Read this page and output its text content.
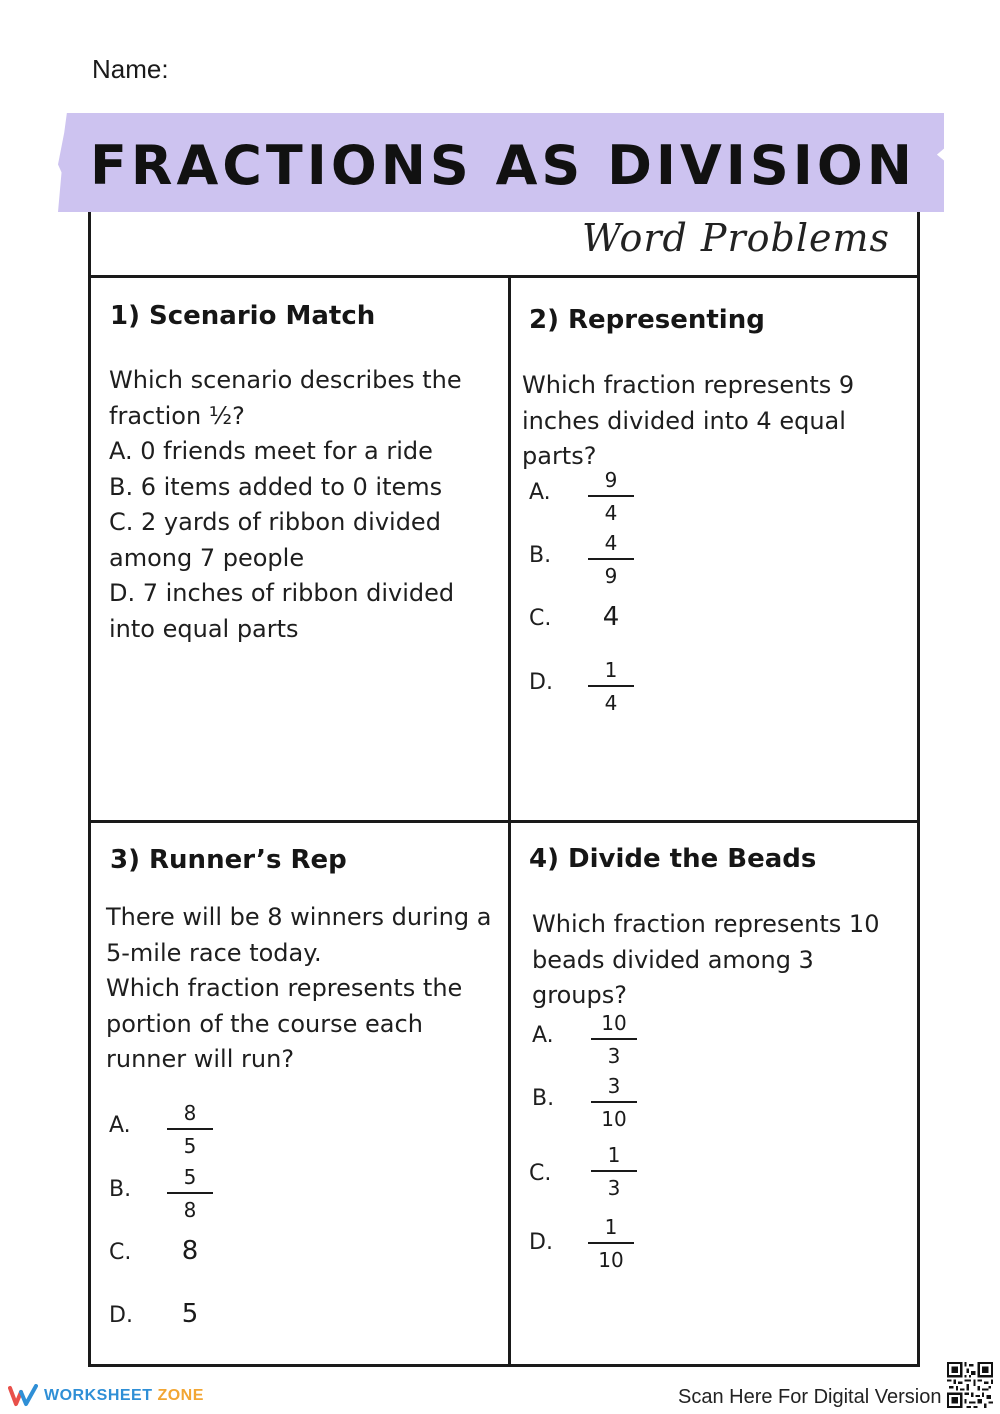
Name:
FRACTIONS AS DIVISION
Word Problems
1) Scenario Match
Which scenario describes the
fraction ½?
A. 0 friends meet for a ride
B. 6 items added to 0 items
C. 2 yards of ribbon divided
among 7 people
D. 7 inches of ribbon divided
into equal parts
2) Representing
Which fraction represents 9
inches divided into 4 equal
parts?
A.	9
4
B.	4
9
C.	4
D.	1
4
3) Runner’s Rep
There will be 8 winners during a
5-mile race today.
Which fraction represents the
portion of the course each
runner will run?
A.	8
5
B.	5
8
C.	8
D.	5
4) Divide the Beads
Which fraction represents 10
beads divided among 3 groups?
A. 10
3
B.	3
10
C.
1
3
D.
1
10
WORKSHEET ZONE	Scan Here For Digital Version
